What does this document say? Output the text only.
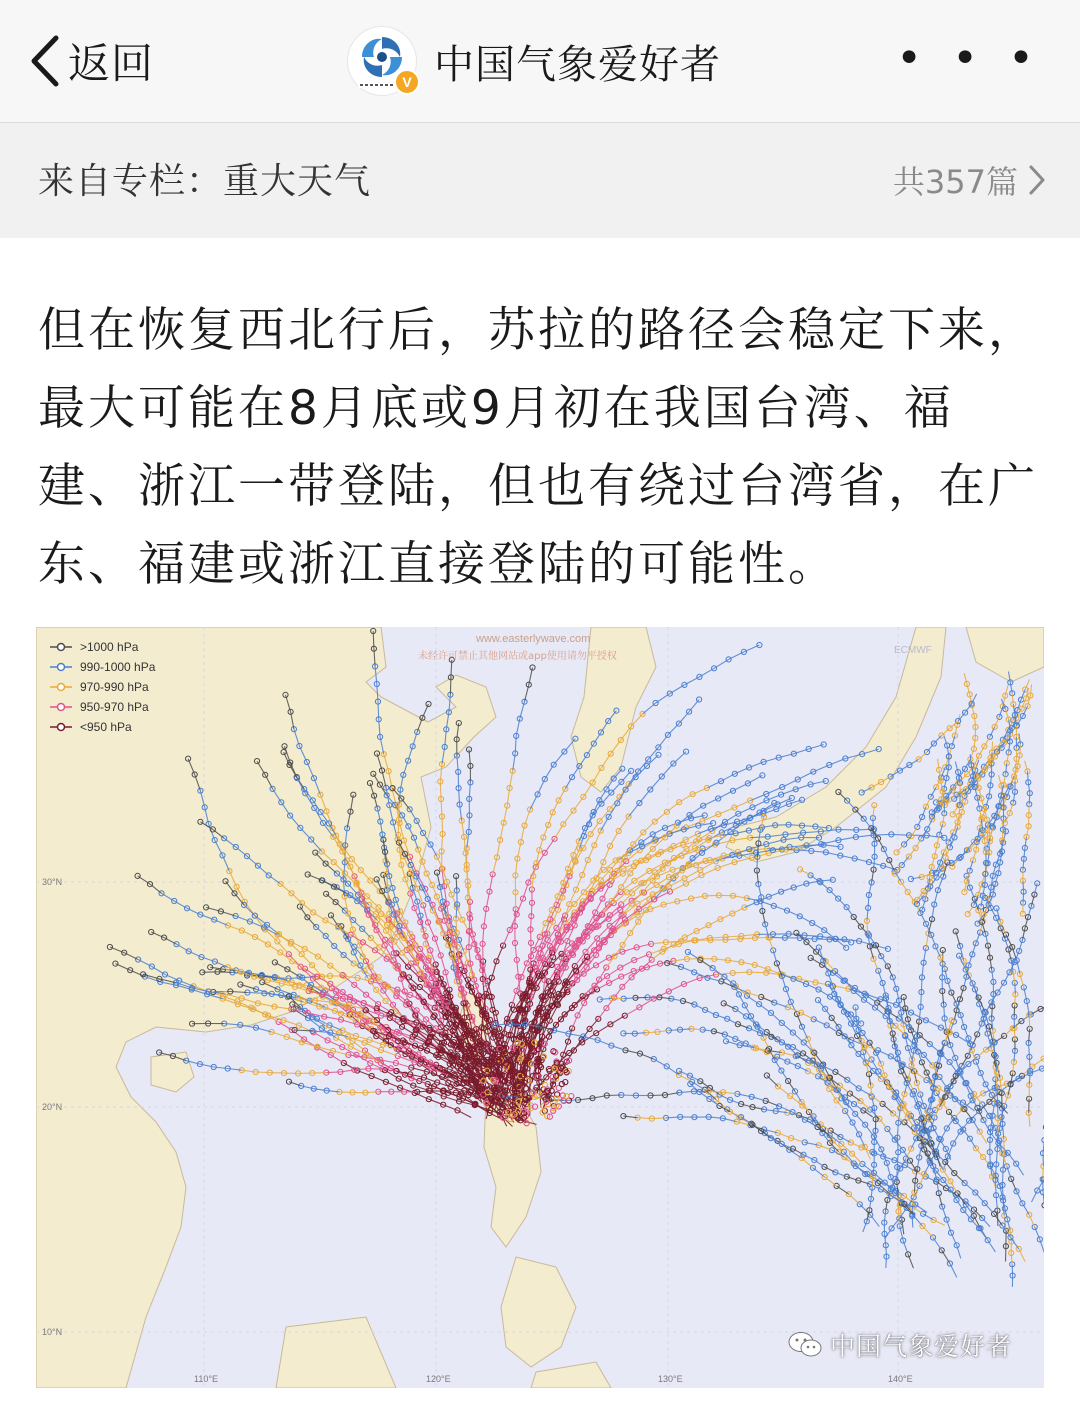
返回	V 中国气象爱好者	• • •
来自专栏：重大天气	共357篇

但在恢复西北行后，苏拉的路径会稳定下来，最大可能在8月底或9月初在我国台湾、福建、浙江一带登陆，但也有绕过台湾省，在广东、福建或浙江直接登陆的可能性。

www.easterlywave.com
未经许可禁止其他网站或app使用请勿平授权
ECMWF
30°N
20°N
10°N
110°E	120°E	130°E	140°E
>1000 hPa
990-1000 hPa
970-990 hPa
950-970 hPa
<950 hPa
中国气象爱好者
